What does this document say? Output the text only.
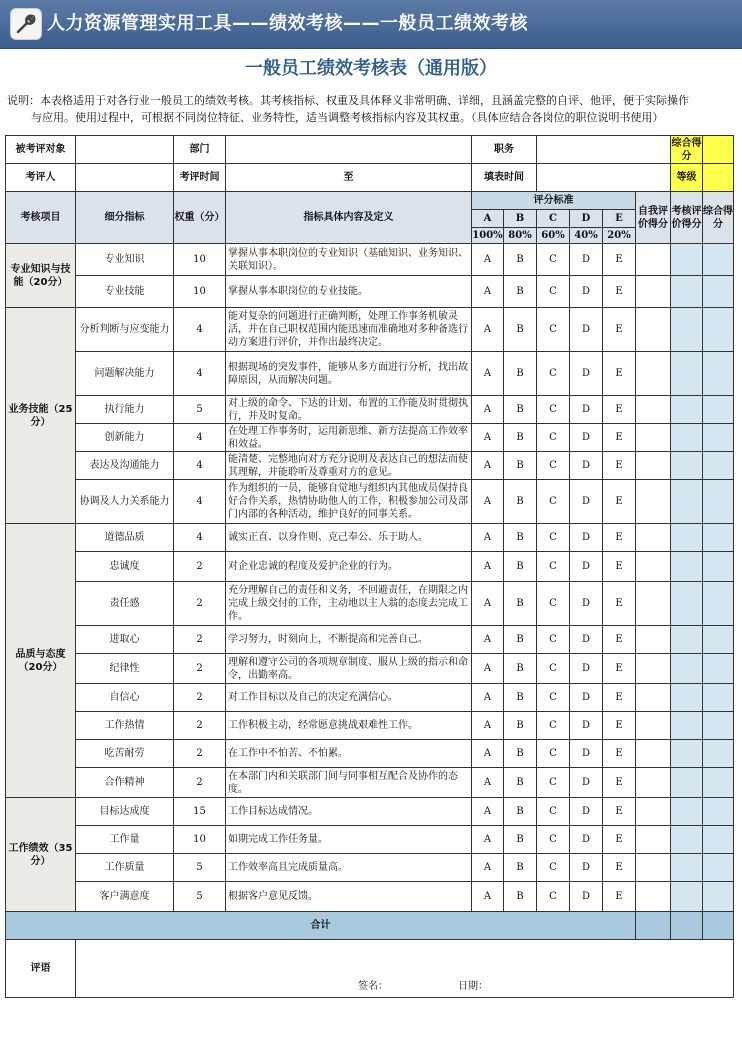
人力资源管理实用工具——绩效考核——一般员工绩效考核
一般员工绩效考核表（通用版）
说明：本表格适用于对各行业一般员工的绩效考核。其考核指标、权重及具体释义非常明确、详细，且涵盖完整的自评、他评，便于实际操作
与应用。使用过程中，可根据不同岗位特征、业务特性，适当调整考核指标内容及其权重。（具体应结合各岗位的职位说明书使用）
被考评对象		部门		职务						综合得分	
考评人		考评时间	至	填表时间						等级	
考核项目	细分指标	权重（分）	指标具体内容及定义	评分标准					自我评价得分	考核评价得分	综合得分
				A	B	C	D	E			
				100%	80%	60%	40%	20%			
专业知识与技能（20分）	专业知识	10	掌握从事本职岗位的专业知识（基础知识、业务知识、关联知识）。	A	B	C	D	E			
	专业技能	10	掌握从事本职岗位的专业技能。	A	B	C	D	E			
业务技能（25分）	分析判断与应变能力	4	能对复杂的问题进行正确判断，处理工作事务机敏灵活，并在自己职权范围内能迅速而准确地对多种备选行动方案进行评价，并作出最终决定。	A	B	C	D	E			
	问题解决能力	4	根据现场的突发事件，能够从多方面进行分析，找出故障原因，从而解决问题。	A	B	C	D	E			
	执行能力	5	对上级的命令、下达的计划、布置的工作能及时贯彻执行，并及时复命。	A	B	C	D	E			
	创新能力	4	在处理工作事务时，运用新思维、新方法提高工作效率和效益。	A	B	C	D	E			
	表达及沟通能力	4	能清楚、完整地向对方充分说明及表达自己的想法而使其理解，并能聆听及尊重对方的意见。	A	B	C	D	E			
	协调及人力关系能力	4	作为组织的一员，能够自觉地与组织内其他成员保持良好合作关系，热情协助他人的工作，积极参加公司及部门内部的各种活动，维护良好的同事关系。	A	B	C	D	E			
品质与态度（20分）	道德品质	4	诚实正直、以身作则、克己奉公、乐于助人。	A	B	C	D	E			
	忠诚度	2	对企业忠诚的程度及爱护企业的行为。	A	B	C	D	E			
	责任感	2	充分理解自己的责任和义务，不回避责任，在期限之内完成上级交付的工作，主动地以主人翁的态度去完成工作。	A	B	C	D	E			
	进取心	2	学习努力，时刻向上，不断提高和完善自己。	A	B	C	D	E			
	纪律性	2	理解和遵守公司的各项规章制度、服从上级的指示和命令，出勤率高。	A	B	C	D	E			
	自信心	2	对工作目标以及自己的决定充满信心。	A	B	C	D	E			
	工作热情	2	工作积极主动，经常愿意挑战艰难性工作。	A	B	C	D	E			
	吃苦耐劳	2	在工作中不怕苦、不怕累。	A	B	C	D	E			
	合作精神	2	在本部门内和关联部门间与同事相互配合及协作的态度。	A	B	C	D	E			
工作绩效（35分）	目标达成度	15	工作目标达成情况。	A	B	C	D	E			
	工作量	10	如期完成工作任务量。	A	B	C	D	E			
	工作质量	5	工作效率高且完成质量高。	A	B	C	D	E			
	客户满意度	5	根据客户意见反馈。	A	B	C	D	E			
合计											
评语	签名： 日期：										
